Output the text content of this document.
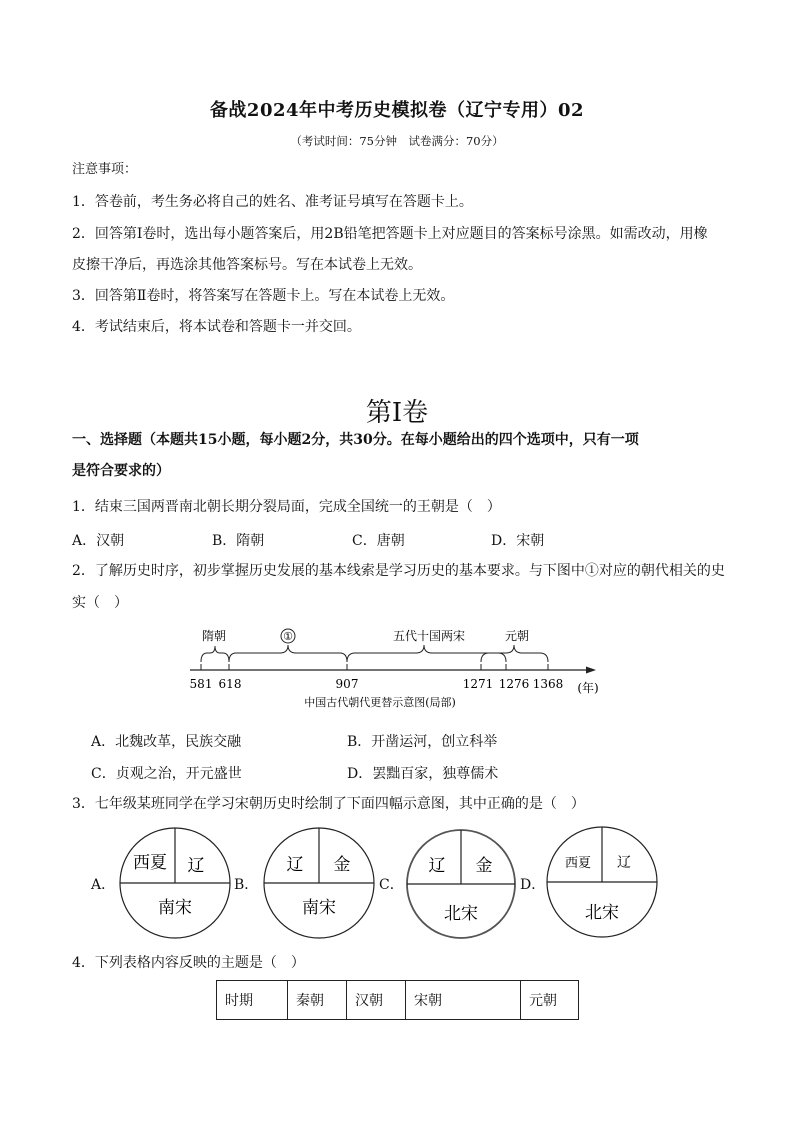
备战2024年中考历史模拟卷（辽宁专用）02
（考试时间：75分钟　试卷满分：70分）
注意事项：
1．答卷前，考生务必将自己的姓名、准考证号填写在答题卡上。
2．回答第Ⅰ卷时，选出每小题答案后，用2B铅笔把答题卡上对应题目的答案标号涂黑。如需改动，用橡
皮擦干净后，再选涂其他答案标号。写在本试卷上无效。
3．回答第Ⅱ卷时，将答案写在答题卡上。写在本试卷上无效。
4．考试结束后，将本试卷和答题卡一并交回。
第Ⅰ卷
一、选择题（本题共15小题，每小题2分，共30分。在每小题给出的四个选项中，只有一项
是符合要求的）
1．结束三国两晋南北朝长期分裂局面，完成全国统一的王朝是（　）
A．汉朝	B．隋朝	C．唐朝	D．宋朝
2．了解历史时序，初步掌握历史发展的基本线索是学习历史的基本要求。与下图中①对应的朝代相关的史
实（　）
隋朝	①	五代十国两宋	元朝
581 618	907	1271 1276 1368 (年)
中国古代朝代更替示意图(局部)
A．北魏改革，民族交融	B．开凿运河，创立科举
C．贞观之治，开元盛世	D．罢黜百家，独尊儒术
3．七年级某班同学在学习宋朝历史时绘制了下面四幅示意图，其中正确的是（　）
A．
西夏 辽
南宋
B．
辽 金
南宋
C．
辽 金
北宋
D．
西夏 辽
北宋
4．下列表格内容反映的主题是（　）
时期	秦朝	汉朝	宋朝	元朝
